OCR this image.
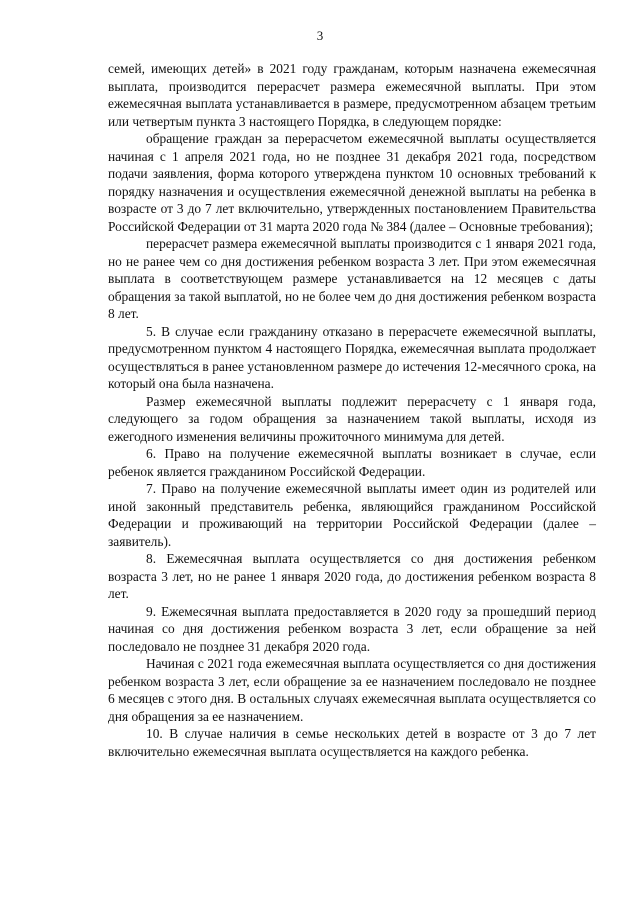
3

семей, имеющих детей» в 2021 году гражданам, которым назначена ежемесячная выплата, производится перерасчет размера ежемесячной выплаты. При этом ежемесячная выплата устанавливается в размере, предусмотренном абзацем третьим или четвертым пункта 3 настоящего Порядка, в следующем порядке:

обращение граждан за перерасчетом ежемесячной выплаты осуществляется начиная с 1 апреля 2021 года, но не позднее 31 декабря 2021 года, посредством подачи заявления, форма которого утверждена пунктом 10 основных требований к порядку назначения и осуществления ежемесячной денежной выплаты на ребенка в возрасте от 3 до 7 лет включительно, утвержденных постановлением Правительства Российской Федерации от 31 марта 2020 года № 384 (далее – Основные требования);

перерасчет размера ежемесячной выплаты производится с 1 января 2021 года, но не ранее чем со дня достижения ребенком возраста 3 лет. При этом ежемесячная выплата в соответствующем размере устанавливается на 12 месяцев с даты обращения за такой выплатой, но не более чем до дня достижения ребенком возраста 8 лет.

5. В случае если гражданину отказано в перерасчете ежемесячной выплаты, предусмотренном пунктом 4 настоящего Порядка, ежемесячная выплата продолжает осуществляться в ранее установленном размере до истечения 12-месячного срока, на который она была назначена.

Размер ежемесячной выплаты подлежит перерасчету с 1 января года, следующего за годом обращения за назначением такой выплаты, исходя из ежегодного изменения величины прожиточного минимума для детей.

6. Право на получение ежемесячной выплаты возникает в случае, если ребенок является гражданином Российской Федерации.

7. Право на получение ежемесячной выплаты имеет один из родителей или иной законный представитель ребенка, являющийся гражданином Российской Федерации и проживающий на территории Российской Федерации (далее – заявитель).

8. Ежемесячная выплата осуществляется со дня достижения ребенком возраста 3 лет, но не ранее 1 января 2020 года, до достижения ребенком возраста 8 лет.

9. Ежемесячная выплата предоставляется в 2020 году за прошедший период начиная со дня достижения ребенком возраста 3 лет, если обращение за ней последовало не позднее 31 декабря 2020 года.

Начиная с 2021 года ежемесячная выплата осуществляется со дня достижения ребенком возраста 3 лет, если обращение за ее назначением последовало не позднее 6 месяцев с этого дня. В остальных случаях ежемесячная выплата осуществляется со дня обращения за ее назначением.

10. В случае наличия в семье нескольких детей в возрасте от 3 до 7 лет включительно ежемесячная выплата осуществляется на каждого ребенка.
